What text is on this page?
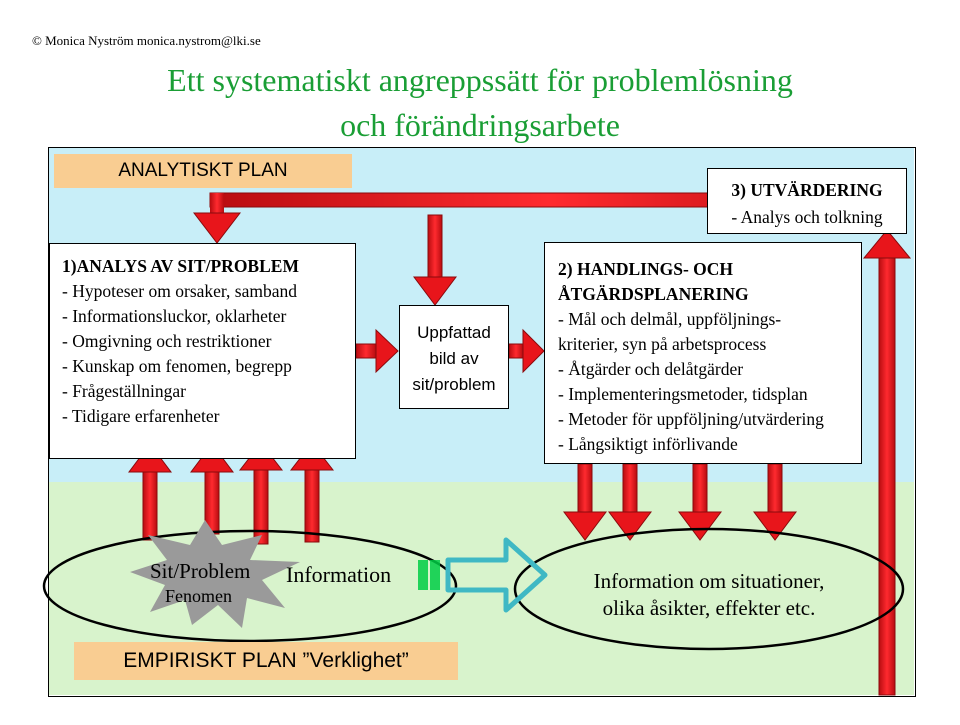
© Monica Nyström monica.nystrom@lki.se
Ett systematiskt angreppssätt för problemlösning
och förändringsarbete
ANALYTISKT PLAN
3) UTVÄRDERING
- Analys och tolkning
1)ANALYS AV SIT/PROBLEM
- Hypoteser om orsaker, samband
- Informationsluckor, oklarheter
- Omgivning och restriktioner
- Kunskap om fenomen, begrepp
- Frågeställningar
- Tidigare erfarenheter
Uppfattad
bild av
sit/problem
2) HANDLINGS- OCH
ÅTGÄRDSPLANERING
- Mål och delmål, uppföljnings-
kriterier, syn på arbetsprocess
- Åtgärder och delåtgärder
- Implementeringsmetoder, tidsplan
- Metoder för uppföljning/utvärdering
- Långsiktigt införlivande
Sit/Problem
Fenomen
Information	Information om situationer,
olika åsikter, effekter etc.
EMPIRISKT PLAN ”Verklighet”
